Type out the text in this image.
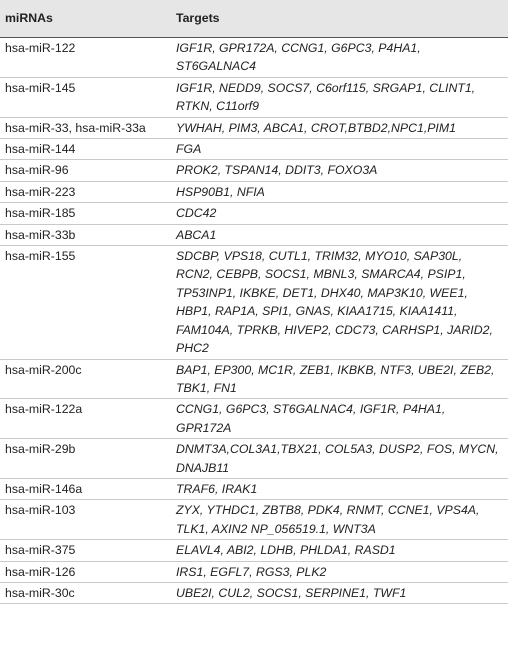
miRNAs	Targets
hsa-miR-122	IGF1R, GPR172A, CCNG1, G6PC3, P4HA1, ST6GALNAC4
hsa-miR-145	IGF1R, NEDD9, SOCS7, C6orf115, SRGAP1, CLINT1, RTKN, C11orf9
hsa-miR-33, hsa-miR-33a	YWHAH, PIM3, ABCA1, CROT,BTBD2,NPC1,PIM1
hsa-miR-144	FGA
hsa-miR-96	PROK2, TSPAN14, DDIT3, FOXO3A
hsa-miR-223	HSP90B1, NFIA
hsa-miR-185	CDC42
hsa-miR-33b	ABCA1
hsa-miR-155	SDCBP, VPS18, CUTL1, TRIM32, MYO10, SAP30L, RCN2, CEBPB, SOCS1, MBNL3, SMARCA4, PSIP1, TP53INP1, IKBKE, DET1, DHX40, MAP3K10, WEE1, HBP1, RAP1A, SPI1, GNAS, KIAA1715, KIAA1411, FAM104A, TPRKB, HIVEP2, CDC73, CARHSP1, JARID2, PHC2
hsa-miR-200c	BAP1, EP300, MC1R, ZEB1, IKBKB, NTF3, UBE2I, ZEB2, TBK1, FN1
hsa-miR-122a	CCNG1, G6PC3, ST6GALNAC4, IGF1R, P4HA1, GPR172A
hsa-miR-29b	DNMT3A,COL3A1,TBX21, COL5A3, DUSP2, FOS, MYCN, DNAJB11
hsa-miR-146a	TRAF6, IRAK1
hsa-miR-103	ZYX, YTHDC1, ZBTB8, PDK4, RNMT, CCNE1, VPS4A, TLK1, AXIN2 NP_056519.1, WNT3A
hsa-miR-375	ELAVL4, ABI2, LDHB, PHLDA1, RASD1
hsa-miR-126	IRS1, EGFL7, RGS3, PLK2
hsa-miR-30c	UBE2I, CUL2, SOCS1, SERPINE1, TWF1
